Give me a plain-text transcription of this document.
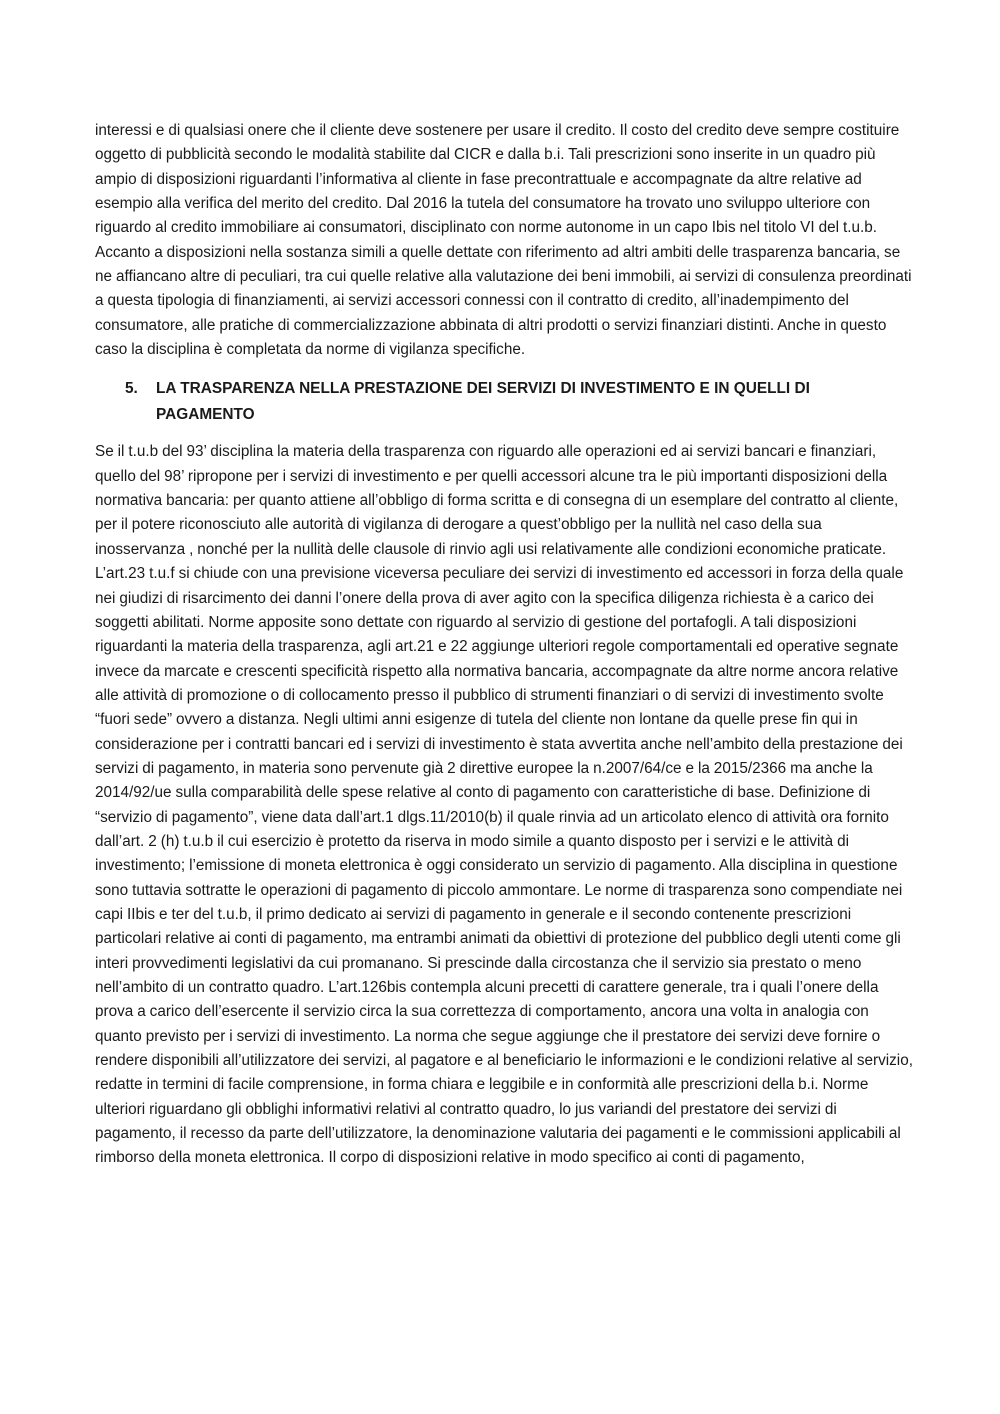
interessi e di qualsiasi onere che il cliente deve sostenere per usare il credito. Il costo del credito deve sempre costituire oggetto di pubblicità secondo le modalità stabilite dal CICR e dalla b.i. Tali prescrizioni sono inserite in un quadro più ampio di disposizioni riguardanti l’informativa al cliente in fase precontrattuale e accompagnate da altre relative ad esempio alla verifica del merito del credito. Dal 2016 la tutela del consumatore ha trovato uno sviluppo ulteriore con riguardo al credito immobiliare ai consumatori, disciplinato con norme autonome in un capo Ibis nel titolo VI del t.u.b. Accanto a disposizioni nella sostanza simili a quelle dettate con riferimento ad altri ambiti delle trasparenza bancaria, se ne affiancano altre di peculiari, tra cui quelle relative alla valutazione dei beni immobili, ai servizi di consulenza preordinati a questa tipologia di finanziamenti, ai servizi accessori connessi con il contratto di credito, all’inadempimento del consumatore, alle pratiche di commercializzazione abbinata di altri prodotti o servizi finanziari distinti. Anche in questo caso la disciplina è completata da norme di vigilanza specifiche.

5.	LA TRASPARENZA NELLA PRESTAZIONE DEI SERVIZI DI INVESTIMENTO E IN QUELLI DI PAGAMENTO

Se il t.u.b del 93’ disciplina la materia della trasparenza con riguardo alle operazioni ed ai servizi bancari e finanziari, quello del 98’ ripropone per i servizi di investimento e per quelli accessori alcune tra le più importanti disposizioni della normativa bancaria: per quanto attiene all’obbligo di forma scritta e di consegna di un esemplare del contratto al cliente, per il potere riconosciuto alle autorità di vigilanza di derogare a quest’obbligo per la nullità nel caso della sua inosservanza , nonché per la nullità delle clausole di rinvio agli usi relativamente alle condizioni economiche praticate. L’art.23 t.u.f si chiude con una previsione viceversa peculiare dei servizi di investimento ed accessori in forza della quale nei giudizi di risarcimento dei danni l’onere della prova di aver agito con la specifica diligenza richiesta è a carico dei soggetti abilitati. Norme apposite sono dettate con riguardo al servizio di gestione del portafogli. A tali disposizioni riguardanti la materia della trasparenza, agli art.21 e 22 aggiunge ulteriori regole comportamentali ed operative segnate invece da marcate e crescenti specificità rispetto alla normativa bancaria, accompagnate da altre norme ancora relative alle attività di promozione o di collocamento presso il pubblico di strumenti finanziari o di servizi di investimento svolte “fuori sede” ovvero a distanza. Negli ultimi anni esigenze di tutela del cliente non lontane da quelle prese fin qui in considerazione per i contratti bancari ed i servizi di investimento è stata avvertita anche nell’ambito della prestazione dei servizi di pagamento, in materia sono pervenute già 2 direttive europee la n.2007/64/ce e la 2015/2366 ma anche la 2014/92/ue sulla comparabilità delle spese relative al conto di pagamento con caratteristiche di base. Definizione di “servizio di pagamento”, viene data dall’art.1 dlgs.11/2010(b) il quale rinvia ad un articolato elenco di attività ora fornito dall’art. 2 (h) t.u.b il cui esercizio è protetto da riserva in modo simile a quanto disposto per i servizi e le attività di investimento; l’emissione di moneta elettronica è oggi considerato un servizio di pagamento. Alla disciplina in questione sono tuttavia sottratte le operazioni di pagamento di piccolo ammontare. Le norme di trasparenza sono compendiate nei capi IIbis e ter del t.u.b, il primo dedicato ai servizi di pagamento in generale e il secondo contenente prescrizioni particolari relative ai conti di pagamento, ma entrambi animati da obiettivi di protezione del pubblico degli utenti come gli interi provvedimenti legislativi da cui promanano. Si prescinde dalla circostanza che il servizio sia prestato o meno nell’ambito di un contratto quadro. L’art.126bis contempla alcuni precetti di carattere generale, tra i quali l’onere della prova a carico dell’esercente il servizio circa la sua correttezza di comportamento, ancora una volta in analogia con quanto previsto per i servizi di investimento. La norma che segue aggiunge che il prestatore dei servizi deve fornire o rendere disponibili all’utilizzatore dei servizi, al pagatore e al beneficiario le informazioni e le condizioni relative al servizio, redatte in termini di facile comprensione, in forma chiara e leggibile e in conformità alle prescrizioni della b.i. Norme ulteriori riguardano gli obblighi informativi relativi al contratto quadro, lo jus variandi del prestatore dei servizi di pagamento, il recesso da parte dell’utilizzatore, la denominazione valutaria dei pagamenti e le commissioni applicabili al rimborso della moneta elettronica. Il corpo di disposizioni relative in modo specifico ai conti di pagamento,
